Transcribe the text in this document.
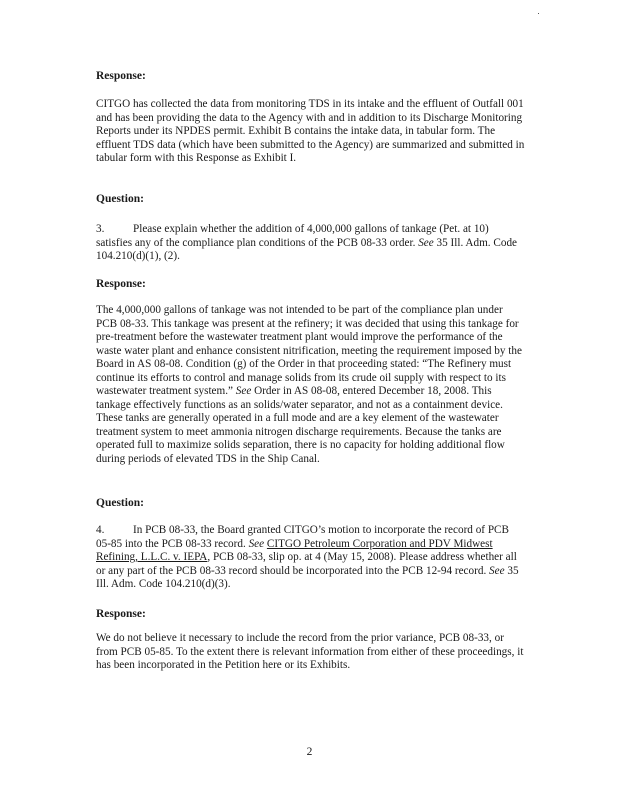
Response:
CITGO has collected the data from monitoring TDS in its intake and the effluent of Outfall 001 and has been providing the data to the Agency with and in addition to its Discharge Monitoring Reports under its NPDES permit. Exhibit B contains the intake data, in tabular form. The effluent TDS data (which have been submitted to the Agency) are summarized and submitted in tabular form with this Response as Exhibit I.
Question:
3.	Please explain whether the addition of 4,000,000 gallons of tankage (Pet. at 10) satisfies any of the compliance plan conditions of the PCB 08-33 order. See 35 Ill. Adm. Code 104.210(d)(1), (2).
Response:
The 4,000,000 gallons of tankage was not intended to be part of the compliance plan under PCB 08-33. This tankage was present at the refinery; it was decided that using this tankage for pre-treatment before the wastewater treatment plant would improve the performance of the waste water plant and enhance consistent nitrification, meeting the requirement imposed by the Board in AS 08-08. Condition (g) of the Order in that proceeding stated: “The Refinery must continue its efforts to control and manage solids from its crude oil supply with respect to its wastewater treatment system.” See Order in AS 08-08, entered December 18, 2008. This tankage effectively functions as an solids/water separator, and not as a containment device. These tanks are generally operated in a full mode and are a key element of the wastewater treatment system to meet ammonia nitrogen discharge requirements. Because the tanks are operated full to maximize solids separation, there is no capacity for holding additional flow during periods of elevated TDS in the Ship Canal.
Question:
4.	In PCB 08-33, the Board granted CITGO’s motion to incorporate the record of PCB 05-85 into the PCB 08-33 record. See CITGO Petroleum Corporation and PDV Midwest Refining, L.L.C. v. IEPA, PCB 08-33, slip op. at 4 (May 15, 2008). Please address whether all or any part of the PCB 08-33 record should be incorporated into the PCB 12-94 record. See 35 Ill. Adm. Code 104.210(d)(3).
Response:
We do not believe it necessary to include the record from the prior variance, PCB 08-33, or from PCB 05-85. To the extent there is relevant information from either of these proceedings, it has been incorporated in the Petition here or its Exhibits.
2
